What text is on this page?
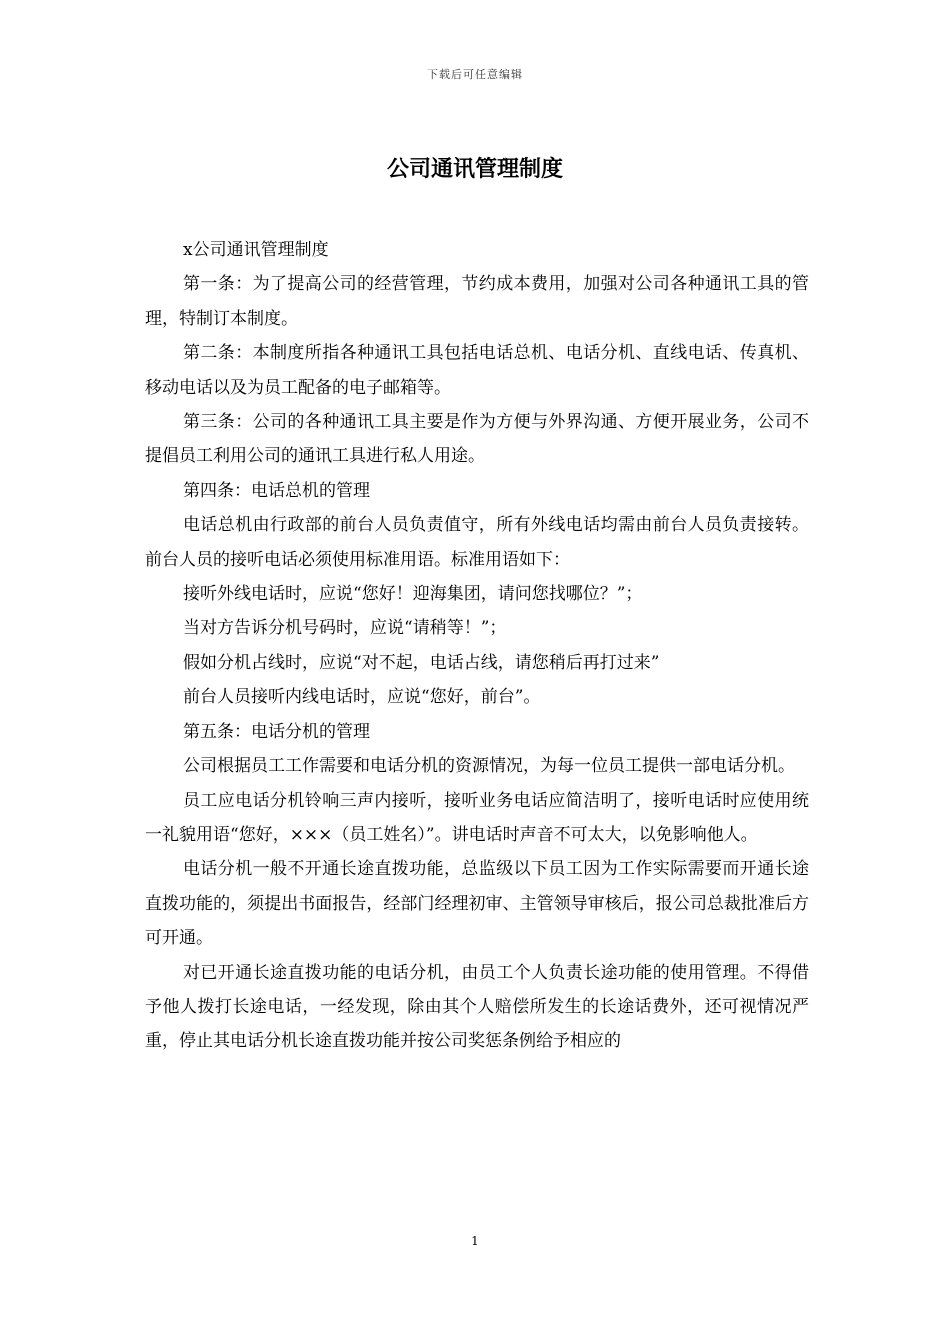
下载后可任意编辑
公司通讯管理制度

x公司通讯管理制度

第一条：为了提高公司的经营管理，节约成本费用，加强对公司各种通讯工具的管理，特制订本制度。

第二条：本制度所指各种通讯工具包括电话总机、电话分机、直线电话、传真机、移动电话以及为员工配备的电子邮箱等。

第三条：公司的各种通讯工具主要是作为方便与外界沟通、方便开展业务，公司不提倡员工利用公司的通讯工具进行私人用途。

第四条：电话总机的管理

电话总机由行政部的前台人员负责值守，所有外线电话均需由前台人员负责接转。前台人员的接听电话必须使用标准用语。标准用语如下：

接听外线电话时，应说“您好！迎海集团，请问您找哪位？”；

当对方告诉分机号码时，应说“请稍等！”；

假如分机占线时，应说“对不起，电话占线，请您稍后再打过来”

前台人员接听内线电话时，应说“您好，前台”。

第五条：电话分机的管理

公司根据员工工作需要和电话分机的资源情况，为每一位员工提供一部电话分机。

员工应电话分机铃响三声内接听，接听业务电话应简洁明了，接听电话时应使用统一礼貌用语“您好，×××（员工姓名）”。讲电话时声音不可太大，以免影响他人。

电话分机一般不开通长途直拨功能，总监级以下员工因为工作实际需要而开通长途直拨功能的，须提出书面报告，经部门经理初审、主管领导审核后，报公司总裁批准后方可开通。

对已开通长途直拨功能的电话分机，由员工个人负责长途功能的使用管理。不得借予他人拨打长途电话，一经发现，除由其个人赔偿所发生的长途话费外，还可视情况严重，停止其电话分机长途直拨功能并按公司奖惩条例给予相应的

1
